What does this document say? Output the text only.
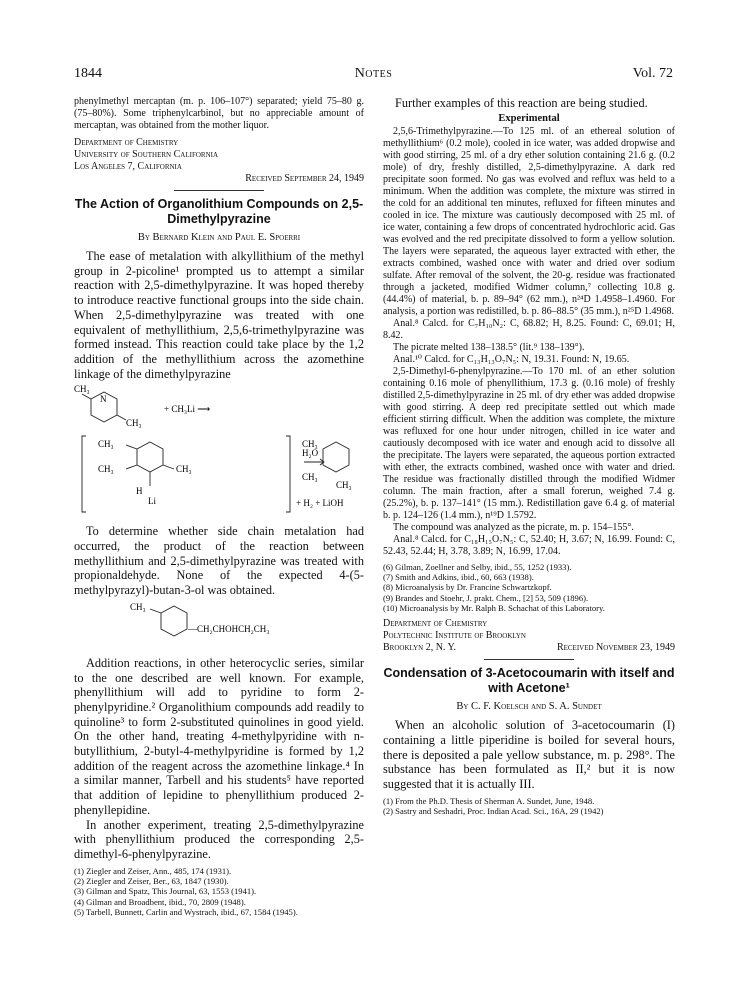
1844	Notes	Vol. 72

phenylmethyl mercaptan (m. p. 106–107°) separated; yield 75–80 g. (75–80%). Some triphenylcarbinol, but no appreciable amount of mercaptan, was obtained from the mother liquor.

Department of Chemistry
University of Southern California
Los Angeles 7, California
Received September 24, 1949
The Action of Organolithium Compounds on 2,5-Dimethylpyrazine
By Bernard Klein and Paul E. Spoerri

The ease of metalation with alkyllithium of the methyl group in 2-picoline¹ prompted us to attempt a similar reaction with 2,5-dimethylpyrazine. It was hoped thereby to introduce reactive functional groups into the side chain. When 2,5-dimethylpyrazine was treated with one equivalent of methyllithium, 2,5,6-trimethylpyrazine was formed instead. This reaction could take place by the 1,2 addition of the methyllithium across the azomethine linkage of the dimethylpyrazine

N
CH₃
CH₃
+ CH₃Li ⟶
CH₃
CH₃	CH₃
H
Li
H₂O
CH₃
CH₃
CH₃
+ H₂ + LiOH

To determine whether side chain metalation had occurred, the product of the reaction between methyllithium and 2,5-dimethylpyrazine was treated with propionaldehyde. None of the expected 4-(5-methylpyrazyl)-butan-3-ol was obtained.

CH₃
—CH₂CHOHCH₂CH₃

Addition reactions, in other heterocyclic series, similar to the one described are well known. For example, phenyllithium will add to pyridine to form 2-phenylpyridine.² Organolithium compounds add readily to quinoline³ to form 2-substituted quinolines in good yield. On the other hand, treating 4-methylpyridine with n-butyllithium, 2-butyl-4-methylpyridine is formed by 1,2 addition of the reagent across the azomethine linkage.⁴ In a similar manner, Tarbell and his students⁵ have reported that addition of lepidine to phenyllithium produced 2-phenyllepidine.

In another experiment, treating 2,5-dimethylpyrazine with phenyllithium produced the corresponding 2,5-dimethyl-6-phenylpyrazine.

(1) Ziegler and Zeiser, Ann., 485, 174 (1931).
(2) Ziegler and Zeiser, Ber., 63, 1847 (1930).
(3) Gilman and Spatz, This Journal, 63, 1553 (1941).
(4) Gilman and Broadbent, ibid., 70, 2809 (1948).
(5) Tarbell, Bunnett, Carlin and Wystrach, ibid., 67, 1584 (1945).

Further examples of this reaction are being studied.

Experimental

2,5,6-Trimethylpyrazine.—To 125 ml. of an ethereal solution of methyllithium⁶ (0.2 mole), cooled in ice water, was added dropwise and with good stirring, 25 ml. of a dry ether solution containing 21.6 g. (0.2 mole) of dry, freshly distilled, 2,5-dimethylpyrazine. A dark red precipitate soon formed. No gas was evolved and reflux was held to a minimum. When the addition was complete, the mixture was stirred in the cold for an additional ten minutes, refluxed for fifteen minutes and cooled in ice. The mixture was cautiously decomposed with 25 ml. of ice water, containing a few drops of concentrated hydrochloric acid. Gas was evolved and the red precipitate dissolved to form a yellow solution. The layers were separated, the aqueous layer extracted with ether, the extracts combined, washed once with water and dried over sodium sulfate. After removal of the solvent, the 20-g. residue was fractionated through a jacketed, modified Widmer column,⁷ collecting 10.8 g. (44.4%) of material, b. p. 89–94° (62 mm.), n²⁴D 1.4958–1.4960. For analysis, a portion was redistilled, b. p. 86–88.5° (35 mm.), n²⁵D 1.4968.

Anal.⁸ Calcd. for C₇H₁₀N₂: C, 68.82; H, 8.25. Found: C, 69.01; H, 8.42.

The picrate melted 138–138.5° (lit.⁹ 138–139°).

Anal.¹⁰ Calcd. for C₁₃H₁₃O₇N₅: N, 19.31. Found: N, 19.65.

2,5-Dimethyl-6-phenylpyrazine.—To 170 ml. of an ether solution containing 0.16 mole of phenyllithium, 17.3 g. (0.16 mole) of freshly distilled 2,5-dimethylpyrazine in 25 ml. of dry ether was added dropwise with good stirring. A deep red precipitate settled out which made efficient stirring difficult. When the addition was complete, the mixture was refluxed for one hour under nitrogen, chilled in ice water and cautiously decomposed with ice water and enough acid to dissolve all the precipitate. The layers were separated, the aqueous portion extracted with ether, the extracts combined, washed once with water and dried. The residue was fractionally distilled through the modified Widmer column. The main fraction, after a small forerun, weighed 7.4 g. (25.2%), b. p. 137–141° (15 mm.). Redistillation gave 6.4 g. of material b. p. 124–126 (1.4 mm.), n¹⁹D 1.5792.

The compound was analyzed as the picrate, m. p. 154–155°.

Anal.⁸ Calcd. for C₁₈H₁₅O₇N₅: C, 52.40; H, 3.67; N, 16.99. Found: C, 52.43, 52.44; H, 3.78, 3.89; N, 16.99, 17.04.

(6) Gilman, Zoellner and Selby, ibid., 55, 1252 (1933).
(7) Smith and Adkins, ibid., 60, 663 (1938).
(8) Microanalysis by Dr. Francine Schwartzkopf.
(9) Brandes and Stoehr, J. prakt. Chem., [2] 53, 509 (1896).
(10) Microanalysis by Mr. Ralph B. Schachat of this Laboratory.
Department of Chemistry
Polytechnic Institute of Brooklyn
Brooklyn 2, N. Y.	Received November 23, 1949
Condensation of 3-Acetocoumarin with itself and with Acetone¹
By C. F. Koelsch and S. A. Sundet

When an alcoholic solution of 3-acetocoumarin (I) containing a little piperidine is boiled for several hours, there is deposited a pale yellow substance, m. p. 298°. The substance has been formulated as II,² but it is now suggested that it is actually III.

(1) From the Ph.D. Thesis of Sherman A. Sundet, June, 1948.
(2) Sastry and Seshadri, Proc. Indian Acad. Sci., 16A, 29 (1942)
